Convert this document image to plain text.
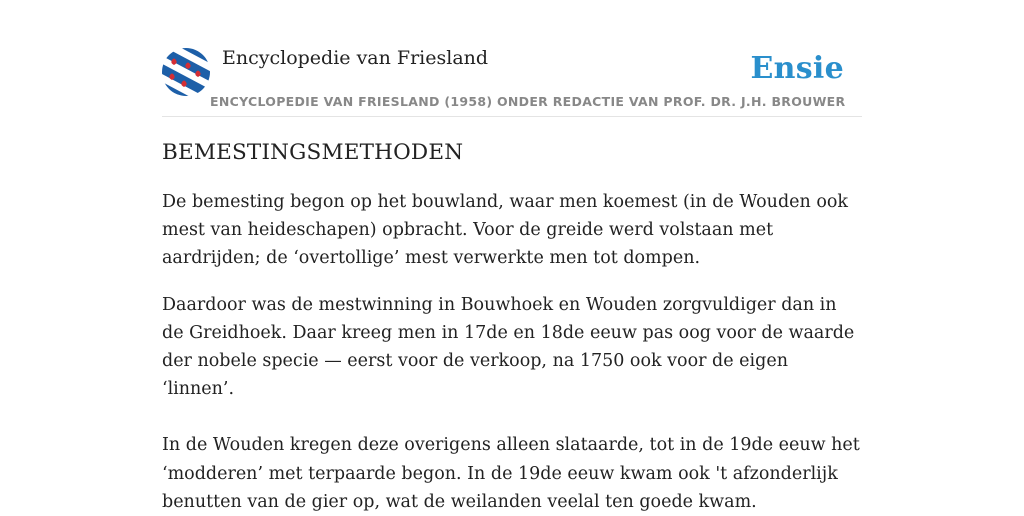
Encyclopedie van Friesland	Ensie
ENCYCLOPEDIE VAN FRIESLAND (1958) ONDER REDACTIE VAN PROF. DR. J.H. BROUWER
BEMESTINGSMETHODEN

De bemesting begon op het bouwland, waar men koemest (in de Wouden ook mest van heideschapen) opbracht. Voor de greide werd volstaan met aardrijden; de ‘overtollige’ mest verwerkte men tot dompen.

Daardoor was de mestwinning in Bouwhoek en Wouden zorgvuldiger dan in de Greidhoek. Daar kreeg men in 17de en 18de eeuw pas oog voor de waarde der nobele specie — eerst voor de verkoop, na 1750 ook voor de eigen ‘linnen’.

In de Wouden kregen deze overigens alleen slataarde, tot in de 19de eeuw het ‘modderen’ met terpaarde begon. In de 19de eeuw kwam ook 't afzonderlijk benutten van de gier op, wat de weilanden veelal ten goede kwam.
